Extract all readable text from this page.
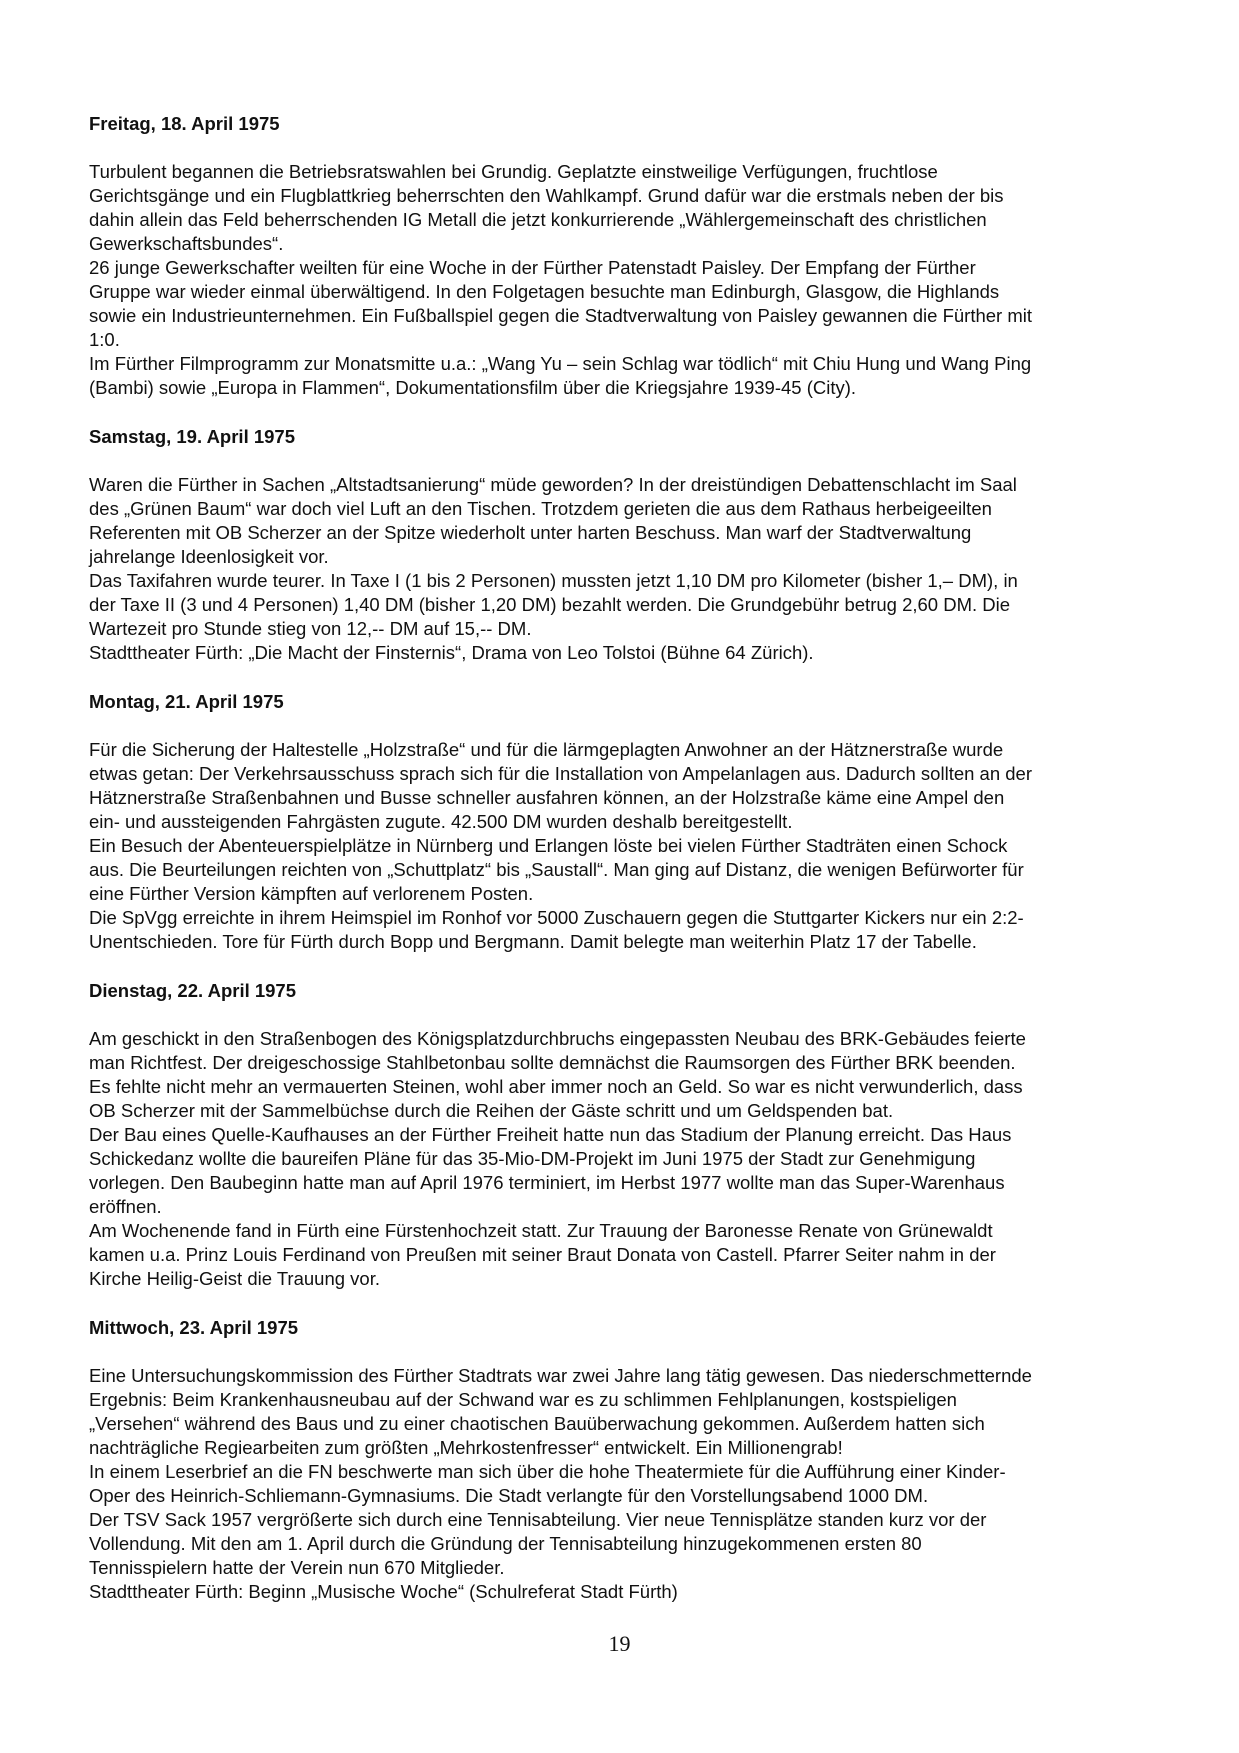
Freitag, 18. April 1975
Turbulent begannen die Betriebsratswahlen bei Grundig. Geplatzte einstweilige Verfügungen, fruchtlose
Gerichtsgänge und ein Flugblattkrieg beherrschten den Wahlkampf. Grund dafür war die erstmals neben der bis
dahin allein das Feld beherrschenden IG Metall die jetzt konkurrierende „Wählergemeinschaft des christlichen
Gewerkschaftsbundes“.
26 junge Gewerkschafter weilten für eine Woche in der Fürther Patenstadt Paisley. Der Empfang der Fürther
Gruppe war wieder einmal überwältigend. In den Folgetagen besuchte man Edinburgh, Glasgow, die Highlands
sowie ein Industrieunternehmen. Ein Fußballspiel gegen die Stadtverwaltung von Paisley gewannen die Fürther mit
1:0.
Im Fürther Filmprogramm zur Monatsmitte u.a.: „Wang Yu – sein Schlag war tödlich“ mit Chiu Hung und Wang Ping
(Bambi) sowie „Europa in Flammen“, Dokumentationsfilm über die Kriegsjahre 1939-45 (City).
Samstag, 19. April 1975
Waren die Fürther in Sachen „Altstadtsanierung“ müde geworden? In der dreistündigen Debattenschlacht im Saal
des „Grünen Baum“ war doch viel Luft an den Tischen. Trotzdem gerieten die aus dem Rathaus herbeigeeilten
Referenten mit OB Scherzer an der Spitze wiederholt unter harten Beschuss. Man warf der Stadtverwaltung
jahrelange Ideenlosigkeit vor.
Das Taxifahren wurde teurer. In Taxe I (1 bis 2 Personen) mussten jetzt 1,10 DM pro Kilometer (bisher 1,– DM), in
der Taxe II (3 und 4 Personen) 1,40 DM (bisher 1,20 DM) bezahlt werden. Die Grundgebühr betrug 2,60 DM. Die
Wartezeit pro Stunde stieg von 12,-- DM auf 15,-- DM.
Stadttheater Fürth: „Die Macht der Finsternis“, Drama von Leo Tolstoi (Bühne 64 Zürich).
Montag, 21. April 1975
Für die Sicherung der Haltestelle „Holzstraße“ und für die lärmgeplagten Anwohner an der Hätznerstraße wurde
etwas getan: Der Verkehrsausschuss sprach sich für die Installation von Ampelanlagen aus. Dadurch sollten an der
Hätznerstraße Straßenbahnen und Busse schneller ausfahren können, an der Holzstraße käme eine Ampel den
ein- und aussteigenden Fahrgästen zugute. 42.500 DM wurden deshalb bereitgestellt.
Ein Besuch der Abenteuerspielplätze in Nürnberg und Erlangen löste bei vielen Fürther Stadträten einen Schock
aus. Die Beurteilungen reichten von „Schuttplatz“ bis „Saustall“. Man ging auf Distanz, die wenigen Befürworter für
eine Fürther Version kämpften auf verlorenem Posten.
Die SpVgg erreichte in ihrem Heimspiel im Ronhof vor 5000 Zuschauern gegen die Stuttgarter Kickers nur ein 2:2-
Unentschieden. Tore für Fürth durch Bopp und Bergmann. Damit belegte man weiterhin Platz 17 der Tabelle.
Dienstag, 22. April 1975
Am geschickt in den Straßenbogen des Königsplatzdurchbruchs eingepassten Neubau des BRK-Gebäudes feierte
man Richtfest. Der dreigeschossige Stahlbetonbau sollte demnächst die Raumsorgen des Fürther BRK beenden.
Es fehlte nicht mehr an vermauerten Steinen, wohl aber immer noch an Geld. So war es nicht verwunderlich, dass
OB Scherzer mit der Sammelbüchse durch die Reihen der Gäste schritt und um Geldspenden bat.
Der Bau eines Quelle-Kaufhauses an der Fürther Freiheit hatte nun das Stadium der Planung erreicht. Das Haus
Schickedanz wollte die baureifen Pläne für das 35-Mio-DM-Projekt im Juni 1975 der Stadt zur Genehmigung
vorlegen. Den Baubeginn hatte man auf April 1976 terminiert, im Herbst 1977 wollte man das Super-Warenhaus
eröffnen.
Am Wochenende fand in Fürth eine Fürstenhochzeit statt. Zur Trauung der Baronesse Renate von Grünewaldt
kamen u.a. Prinz Louis Ferdinand von Preußen mit seiner Braut Donata von Castell. Pfarrer Seiter nahm in der
Kirche Heilig-Geist die Trauung vor.
Mittwoch, 23. April 1975
Eine Untersuchungskommission des Fürther Stadtrats war zwei Jahre lang tätig gewesen. Das niederschmetternde
Ergebnis: Beim Krankenhausneubau auf der Schwand war es zu schlimmen Fehlplanungen, kostspieligen
„Versehen“ während des Baus und zu einer chaotischen Bauüberwachung gekommen. Außerdem hatten sich
nachträgliche Regiearbeiten zum größten „Mehrkostenfresser“ entwickelt. Ein Millionengrab!
In einem Leserbrief an die FN beschwerte man sich über die hohe Theatermiete für die Aufführung einer Kinder-
Oper des Heinrich-Schliemann-Gymnasiums. Die Stadt verlangte für den Vorstellungsabend 1000 DM.
Der TSV Sack 1957 vergrößerte sich durch eine Tennisabteilung. Vier neue Tennisplätze standen kurz vor der
Vollendung. Mit den am 1. April durch die Gründung der Tennisabteilung hinzugekommenen ersten 80
Tennisspielern hatte der Verein nun 670 Mitglieder.
Stadttheater Fürth: Beginn „Musische Woche“ (Schulreferat Stadt Fürth)
19
